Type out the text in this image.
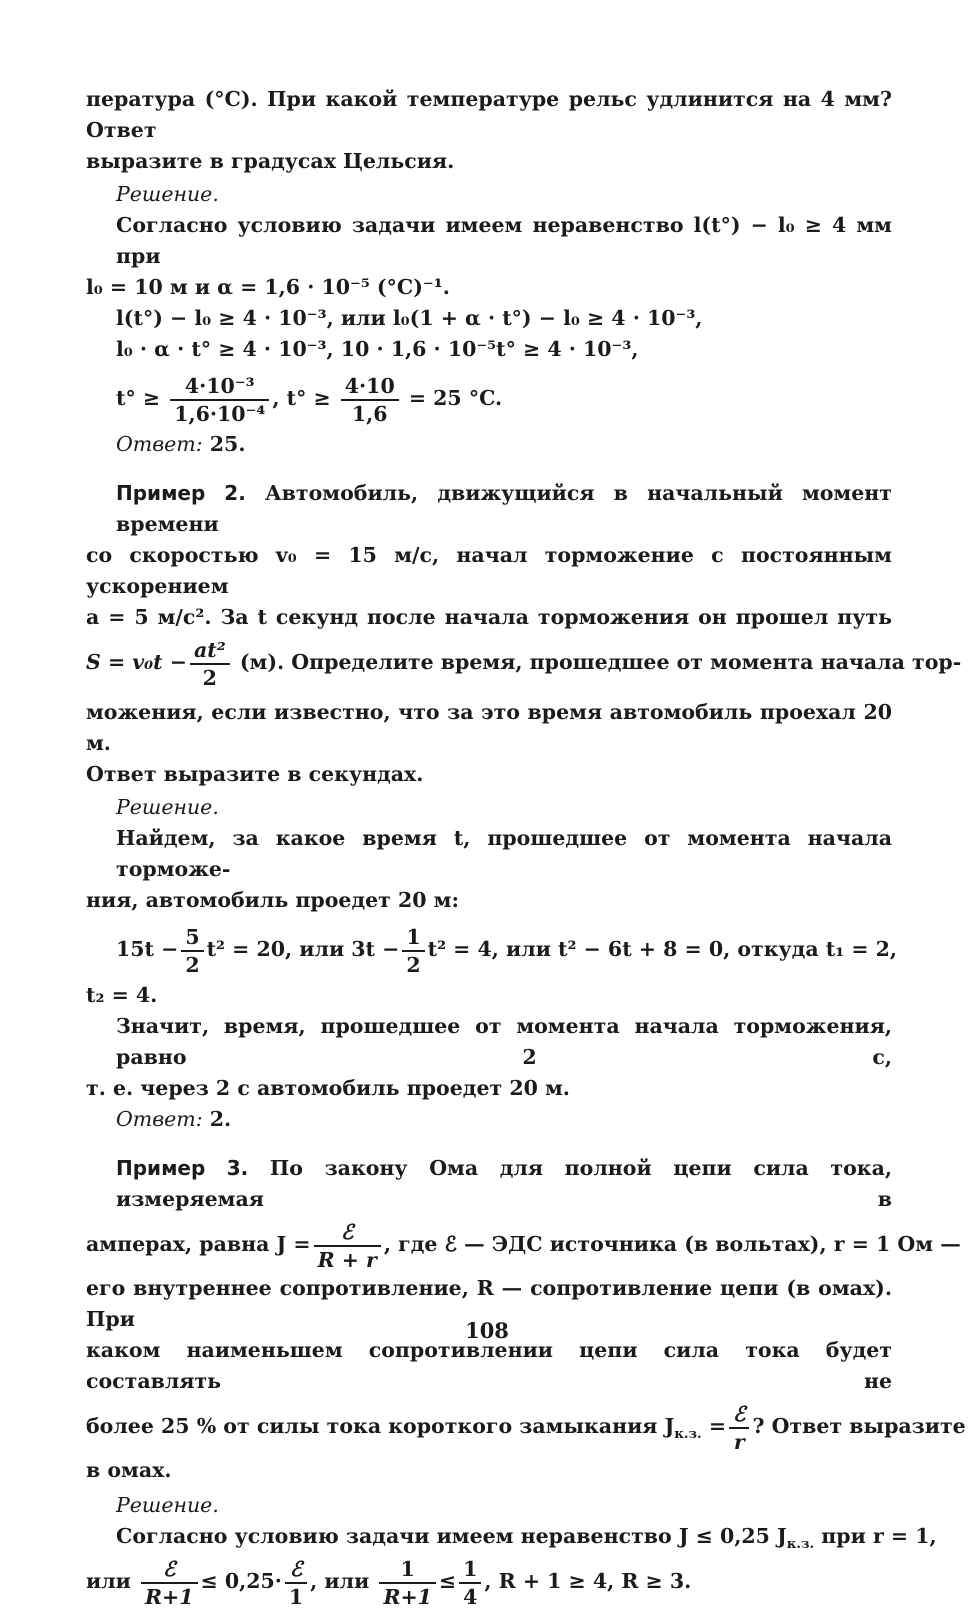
пература (°C). При какой температуре рельс удлинится на 4 мм? Ответ
выразите в градусах Цельсия.
Решение.
Согласно условию задачи имеем неравенство l(t°) − l₀ ≥ 4 мм при
l₀ = 10 м и α = 1,6 · 10⁻⁵ (°C)⁻¹.
l(t°) − l₀ ≥ 4 · 10⁻³, или l₀(1 + α · t°) − l₀ ≥ 4 · 10⁻³,
l₀ · α · t° ≥ 4 · 10⁻³, 10 · 1,6 · 10⁻⁵t° ≥ 4 · 10⁻³,
$t^\circ \ge \frac{\text{4·10⁻³}}{\text{1,6·10⁻⁴}}$ , $t^\circ \ge \frac{4\cdot 10}{1,6} = 25$ °C.
Ответ: 25.
Пример 2. Автомобиль, движущийся в начальный момент времени
со скоростью v₀ = 15 м/с, начал торможение с постоянным ускорением
a = 5 м/с². За t секунд после начала торможения он прошел путь
$S = v_0t - \frac{\text{at²}}{2} (м)$. Определите время, прошедшее от момента начала тор-
можения, если известно, что за это время автомобиль проехал 20 м.
Ответ выразите в секундах.
Решение.
Найдем, за какое время t, прошедшее от момента начала торможе-
ния, автомобиль проедет 20 м:
$15t - \frac{5}{2} t^2 = 20$, или $3t - \frac{1}{2} t^2 = 4$, или t² − 6t + 8 = 0, откуда t₁ = 2,
t₂ = 4.
Значит, время, прошедшее от момента начала торможения, равно 2 с,
т. е. через 2 с автомобиль проедет 20 м.
Ответ: 2.
Пример 3. По закону Ома для полной цепи сила тока, измеряемая в
амперах, равна $J = \frac{\text{ℰ}}{R + r}$ , где ℰ — ЭДС источника (в вольтах), r = 1 Ом —
его внутреннее сопротивление, R — сопротивление цепи (в омах). При
каком наименьшем сопротивлении цепи сила тока будет составлять не
более 25 % от силы тока короткого замыкания $J_{к.з.} = \frac{\text{ℰ}}{r}$ ? Ответ выразите
в омах.
Решение.
Согласно условию задачи имеем неравенство J ≤ 0,25 $J_{к.з.}$ при r = 1,
или $\frac{\text{ℰ}}{R+1} \le 0,25\cdot \frac{\text{ℰ}}{1}$ , или $\frac{1}{R+1} \le \frac{1}{4}$ , R + 1 ≥ 4, R ≥ 3.
108
